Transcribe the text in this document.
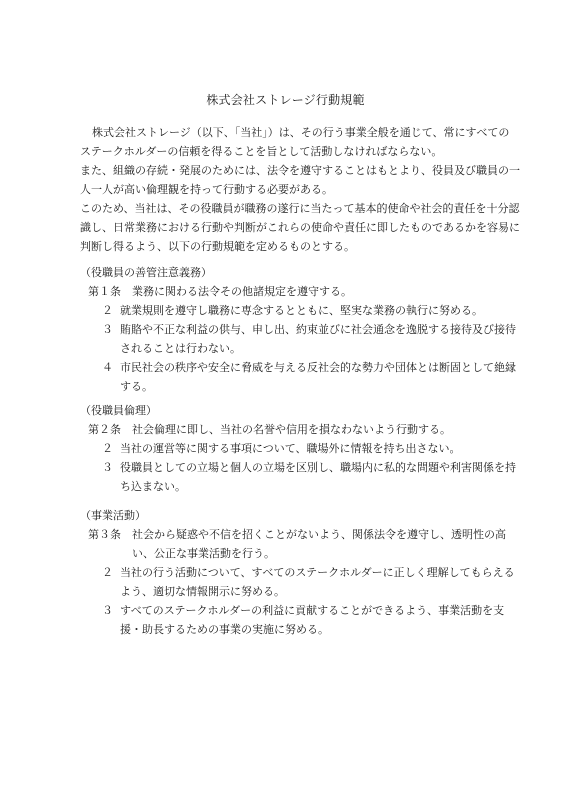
株式会社ストレージ行動規範

株式会社ストレージ（以下、「当社」）は、その行う事業全般を通じて、常にすべてのステークホルダーの信頼を得ることを旨として活動しなければならない。

また、組織の存続・発展のためには、法令を遵守することはもとより、役員及び職員の一人一人が高い倫理観を持って行動する必要がある。

このため、当社は、その役職員が職務の遂行に当たって基本的使命や社会的責任を十分認識し、日常業務における行動や判断がこれらの使命や責任に即したものであるかを容易に判断し得るよう、以下の行動規範を定めるものとする。

（役職員の善管注意義務）
第１条	業務に関わる法令その他諸規定を遵守する。
２ 就業規則を遵守し職務に専念するとともに、堅実な業務の執行に努める。
３ 賄賂や不正な利益の供与、申し出、約束並びに社会通念を逸脱する接待及び接待されることは行わない。
４ 市民社会の秩序や安全に脅威を与える反社会的な勢力や団体とは断固として絶縁する。
（役職員倫理）
第２条	社会倫理に即し、当社の名誉や信用を損なわないよう行動する。
２ 当社の運営等に関する事項について、職場外に情報を持ち出さない。
３ 役職員としての立場と個人の立場を区別し、職場内に私的な問題や利害関係を持ち込まない。
（事業活動）
第３条	社会から疑惑や不信を招くことがないよう、関係法令を遵守し、透明性の高い、公正な事業活動を行う。
２ 当社の行う活動について、すべてのステークホルダーに正しく理解してもらえるよう、適切な情報開示に努める。
３ すべてのステークホルダーの利益に貢献することができるよう、事業活動を支援・助長するための事業の実施に努める。
